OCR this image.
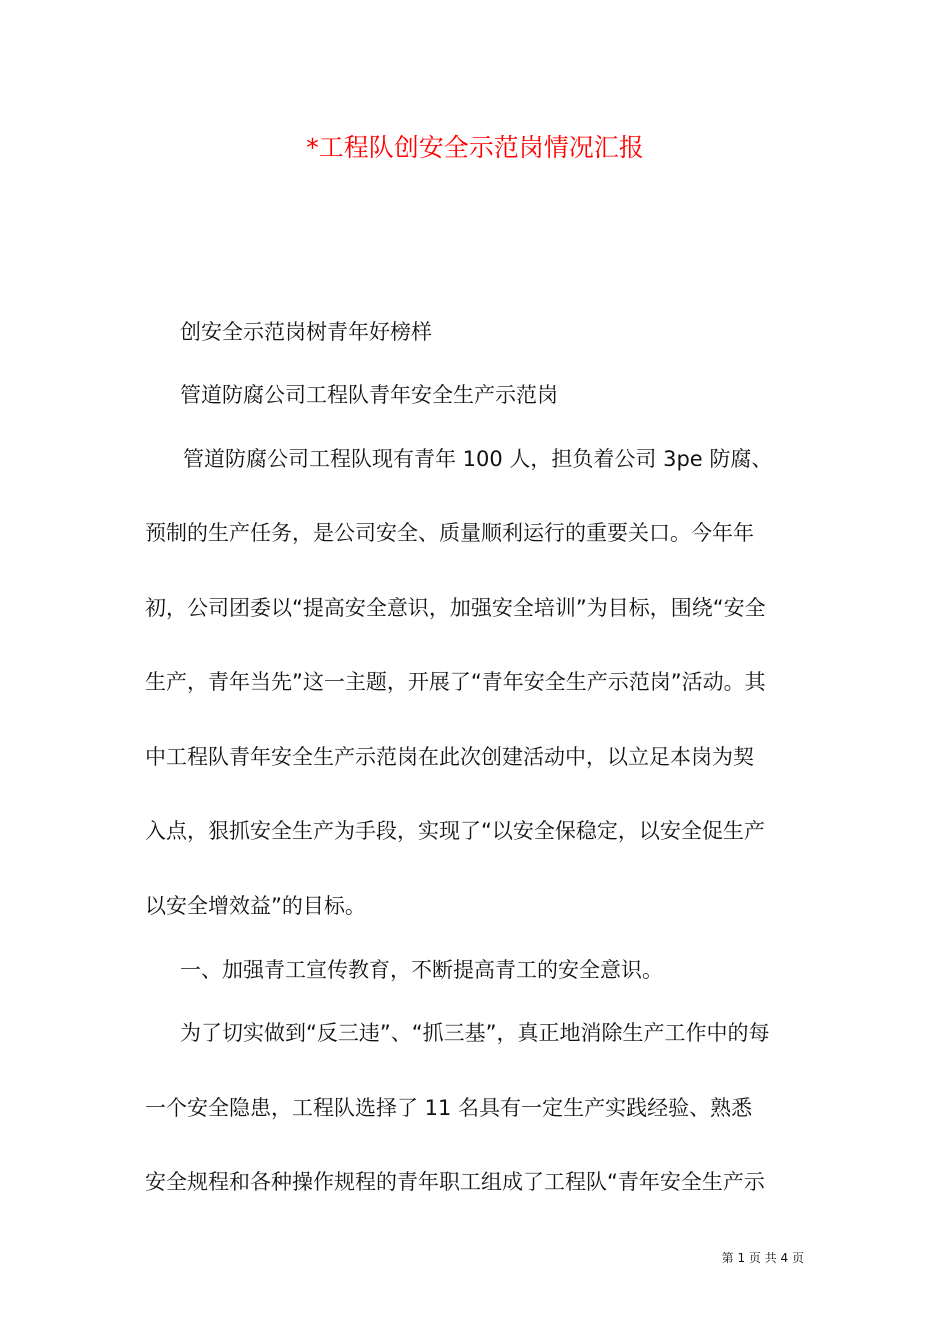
*工程队创安全示范岗情况汇报

创安全示范岗树青年好榜样

管道防腐公司工程队青年安全生产示范岗

管道防腐公司工程队现有青年 100 人，担负着公司 3pe 防腐、

预制的生产任务，是公司安全、质量顺利运行的重要关口。今年年

初，公司团委以“提高安全意识，加强安全培训”为目标，围绕“安全

生产，青年当先”这一主题，开展了“青年安全生产示范岗”活动。其

中工程队青年安全生产示范岗在此次创建活动中，以立足本岗为契

入点，狠抓安全生产为手段，实现了“以安全保稳定，以安全促生产

以安全增效益”的目标。

一、加强青工宣传教育，不断提高青工的安全意识。

为了切实做到“反三违”、“抓三基”，真正地消除生产工作中的每

一个安全隐患，工程队选择了 11 名具有一定生产实践经验、熟悉

安全规程和各种操作规程的青年职工组成了工程队“青年安全生产示

第 1 页 共 4 页
